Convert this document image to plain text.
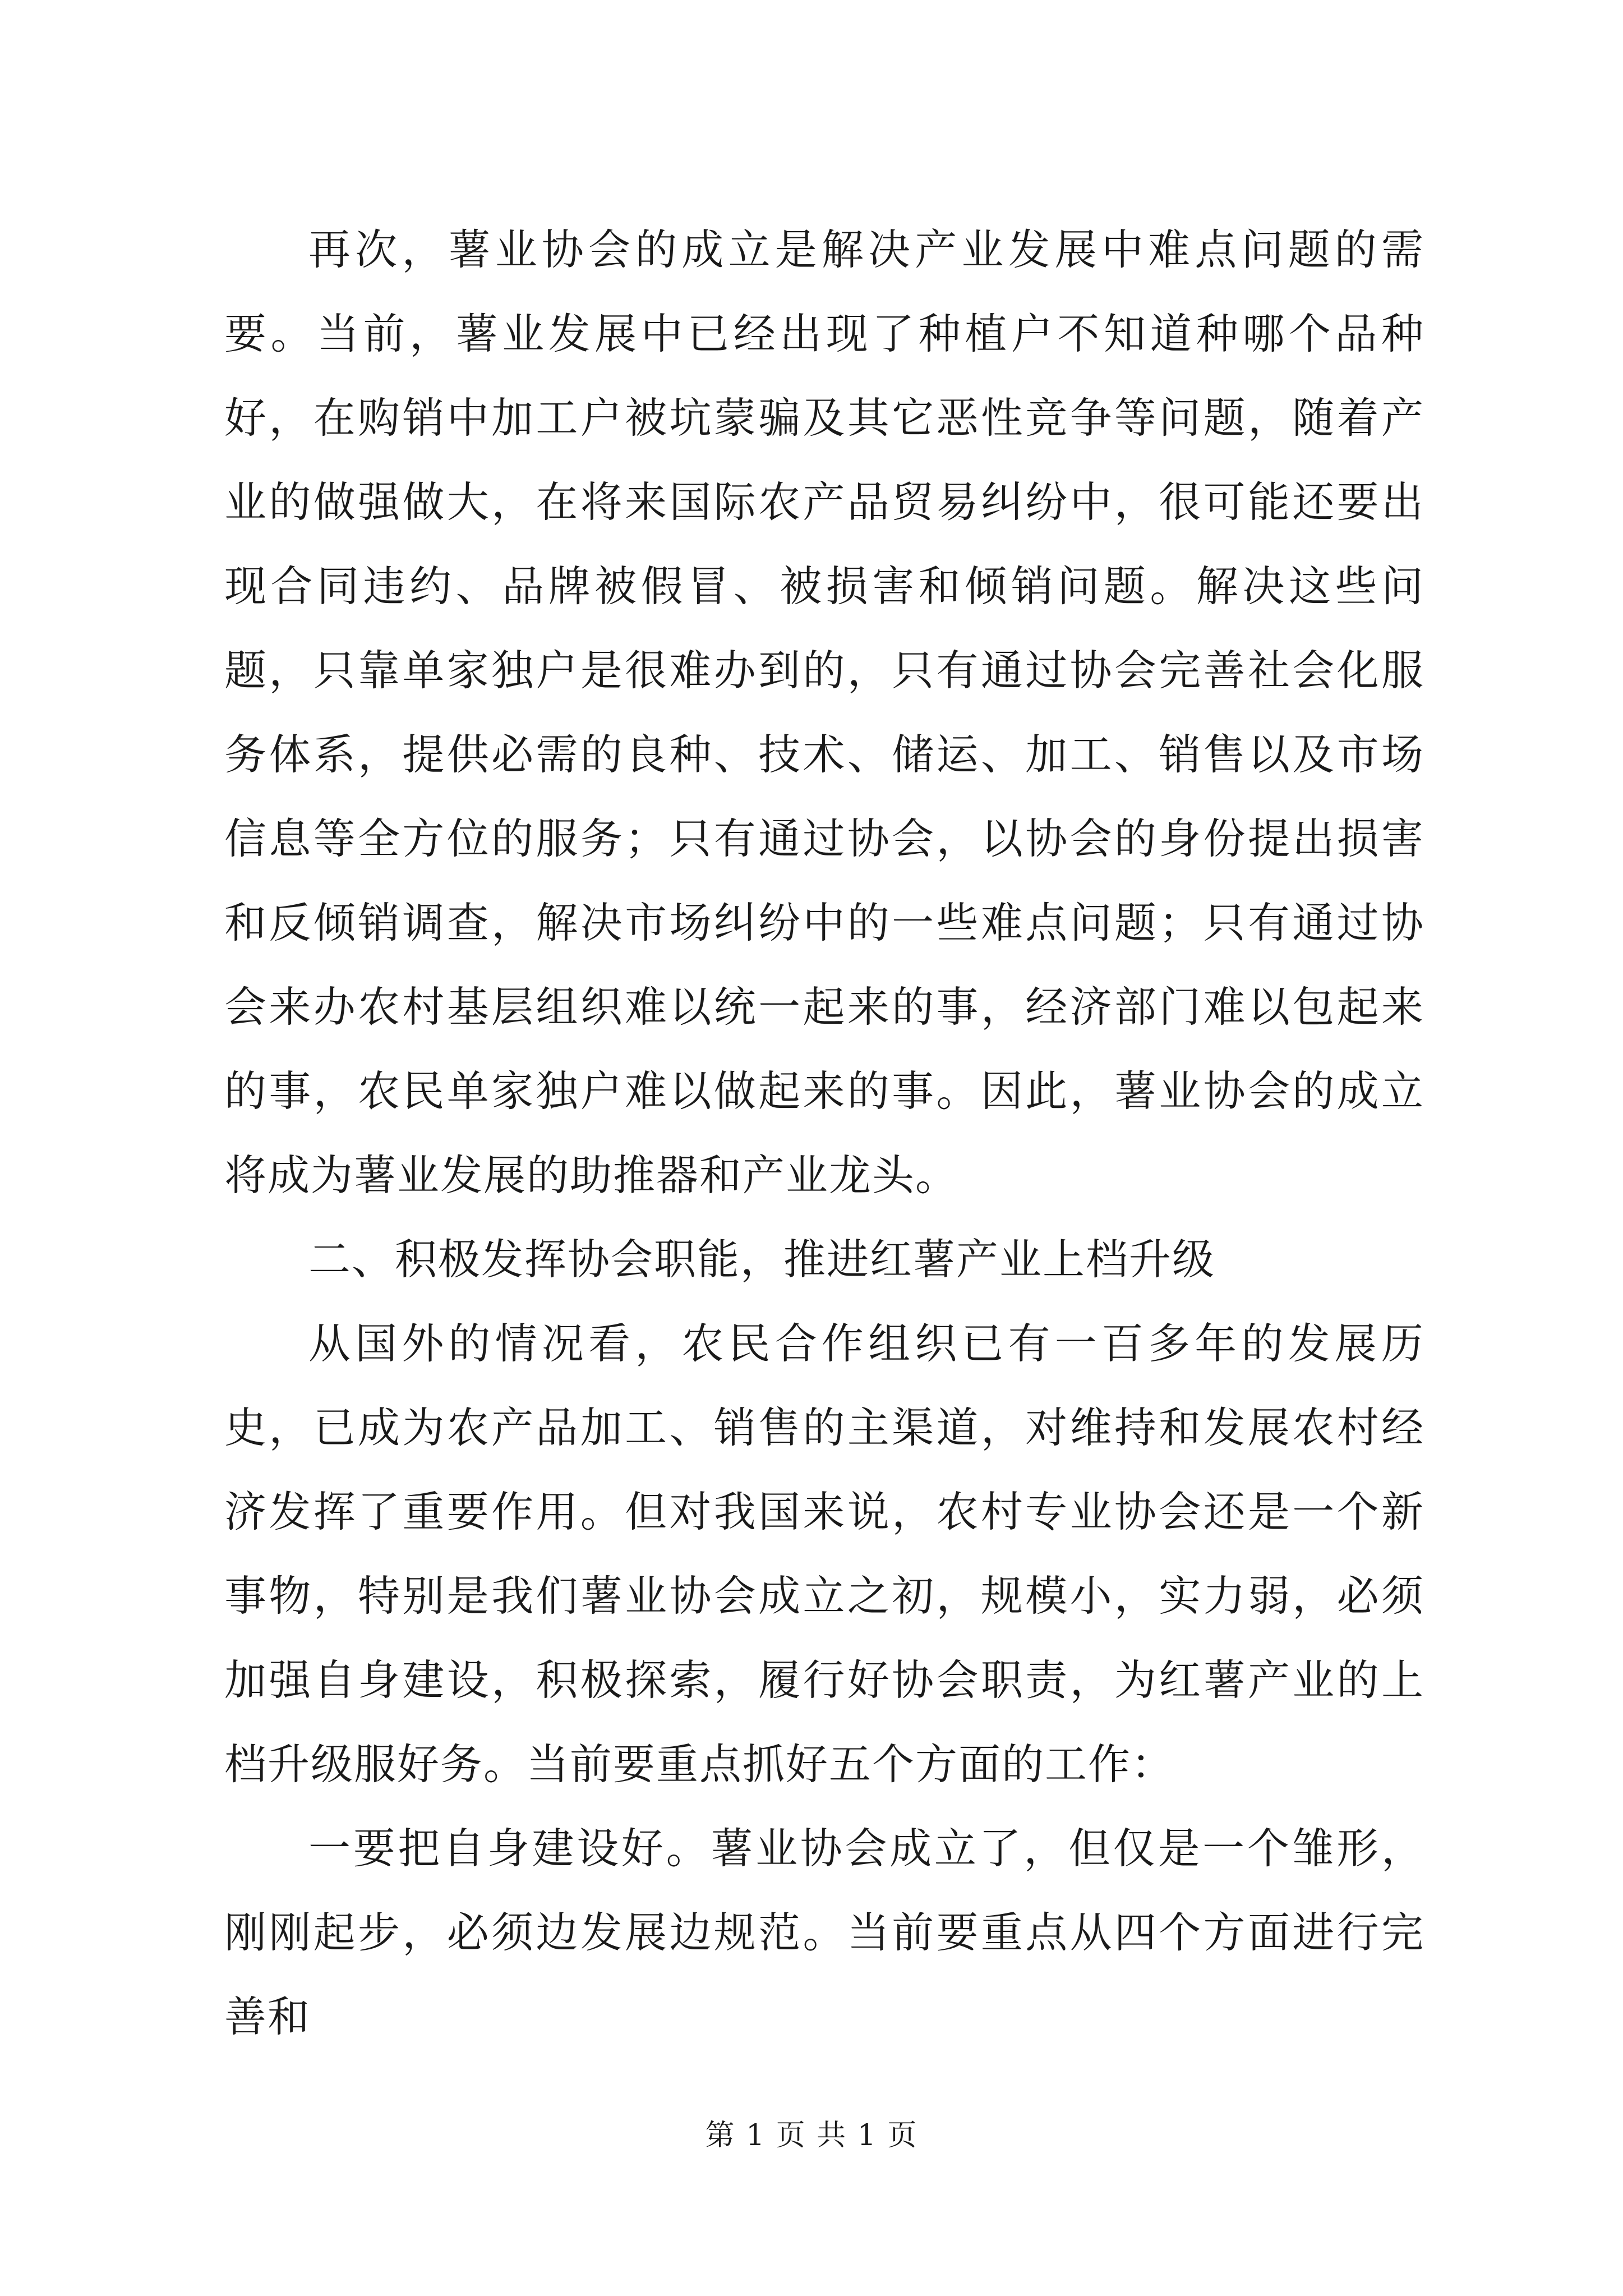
再次，薯业协会的成立是解决产业发展中难点问题的需要。当前，薯业发展中已经出现了种植户不知道种哪个品种好，在购销中加工户被坑蒙骗及其它恶性竞争等问题，随着产业的做强做大，在将来国际农产品贸易纠纷中，很可能还要出现合同违约、品牌被假冒、被损害和倾销问题。解决这些问题，只靠单家独户是很难办到的，只有通过协会完善社会化服务体系，提供必需的良种、技术、储运、加工、销售以及市场信息等全方位的服务；只有通过协会，以协会的身份提出损害和反倾销调查，解决市场纠纷中的一些难点问题；只有通过协会来办农村基层组织难以统一起来的事，经济部门难以包起来的事，农民单家独户难以做起来的事。因此，薯业协会的成立将成为薯业发展的助推器和产业龙头。

二、积极发挥协会职能，推进红薯产业上档升级

从国外的情况看，农民合作组织已有一百多年的发展历史，已成为农产品加工、销售的主渠道，对维持和发展农村经济发挥了重要作用。但对我国来说，农村专业协会还是一个新事物，特别是我们薯业协会成立之初，规模小，实力弱，必须加强自身建设，积极探索，履行好协会职责，为红薯产业的上档升级服好务。当前要重点抓好五个方面的工作：

一要把自身建设好。薯业协会成立了，但仅是一个雏形，刚刚起步，必须边发展边规范。当前要重点从四个方面进行完善和

第 1 页 共 1 页
